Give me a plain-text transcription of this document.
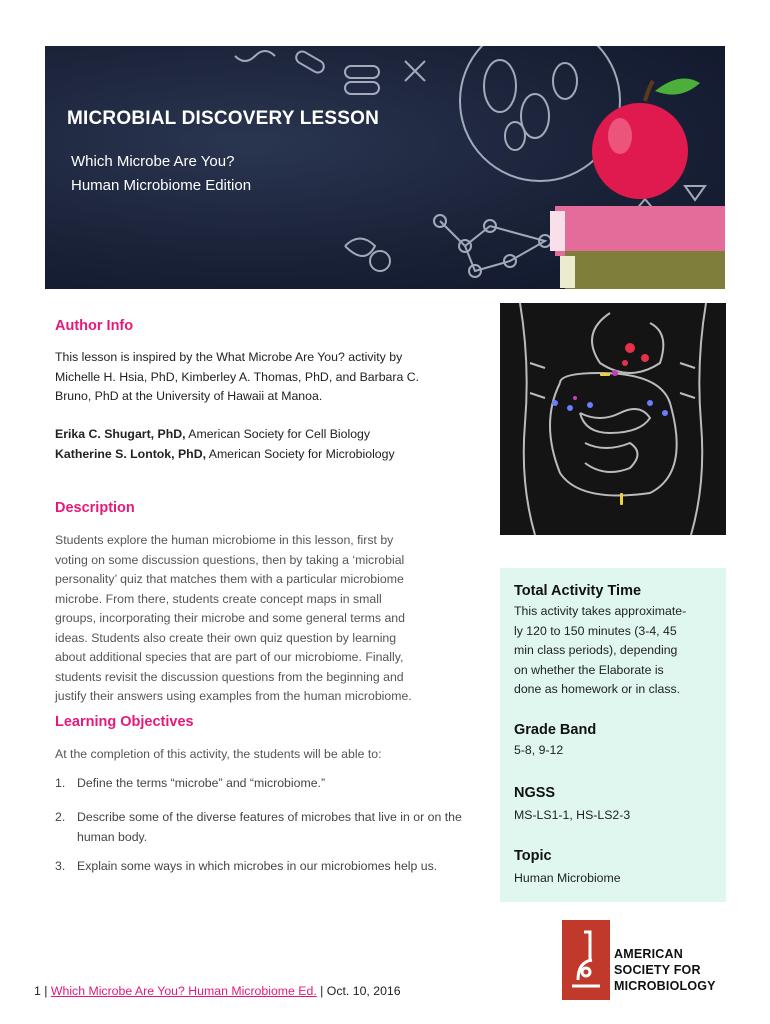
MICROBIAL DISCOVERY LESSON
Which Microbe Are You?
Human Microbiome Edition
Author Info
This lesson is inspired by the What Microbe Are You? activity by
Michelle H. Hsia, PhD, Kimberley A. Thomas, PhD, and Barbara C.
Bruno, PhD at the University of Hawaii at Manoa.
Erika C. Shugart, PhD, American Society for Cell Biology
Katherine S. Lontok, PhD, American Society for Microbiology
Description
Students explore the human microbiome in this lesson, first by
voting on some discussion questions, then by taking a ‘microbial
personality’ quiz that matches them with a particular microbiome
microbe. From there, students create concept maps in small
groups, incorporating their microbe and some general terms and
ideas. Students also create their own quiz question by learning
about additional species that are part of our microbiome. Finally,
students revisit the discussion questions from the beginning and
justify their answers using examples from the human microbiome.
Learning Objectives
At the completion of this activity, the students will be able to:
1. Define the terms “microbe” and “microbiome.”
2. Describe some of the diverse features of microbes that live in or on the human body.
3. Explain some ways in which microbes in our microbiomes help us.
Total Activity Time
This activity takes approximate-
ly 120 to 150 minutes (3-4, 45
min class periods), depending
on whether the Elaborate is
done as homework or in class.
Grade Band
5-8, 9-12
NGSS
MS-LS1-1, HS-LS2-3
Topic
Human Microbiome
AMERICAN
SOCIETY FOR
MICROBIOLOGY
1 | Which Microbe Are You? Human Microbiome Ed. | Oct. 10, 2016
